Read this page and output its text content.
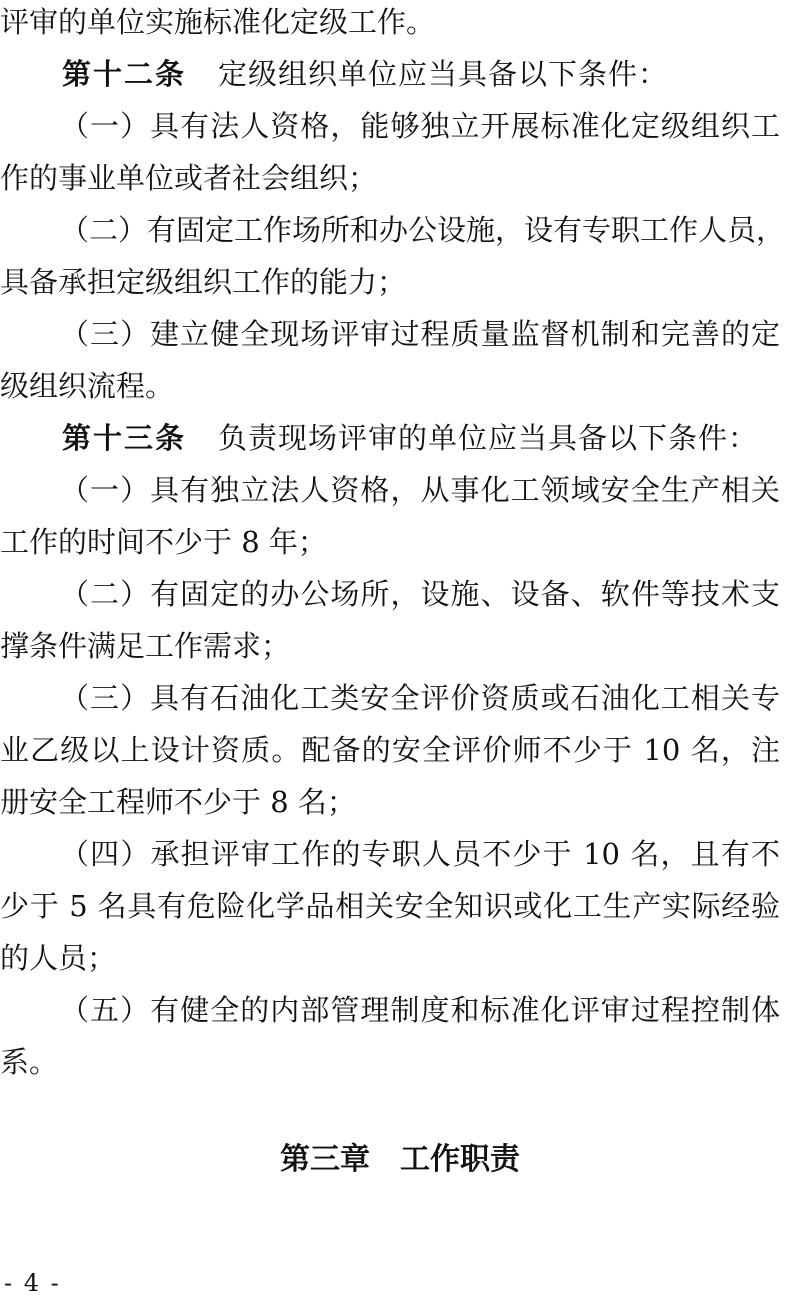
评审的单位实施标准化定级工作。
第十二条 定级组织单位应当具备以下条件：
（一）具有法人资格，能够独立开展标准化定级组织工
作的事业单位或者社会组织；
（二）有固定工作场所和办公设施，设有专职工作人员，
具备承担定级组织工作的能力；
（三）建立健全现场评审过程质量监督机制和完善的定
级组织流程。
第十三条 负责现场评审的单位应当具备以下条件：
（一）具有独立法人资格，从事化工领域安全生产相关
工作的时间不少于 8 年；
（二）有固定的办公场所，设施、设备、软件等技术支
撑条件满足工作需求；
（三）具有石油化工类安全评价资质或石油化工相关专
业乙级以上设计资质。配备的安全评价师不少于 10 名，注
册安全工程师不少于 8 名；
（四）承担评审工作的专职人员不少于 10 名，且有不
少于 5 名具有危险化学品相关安全知识或化工生产实际经验
的人员；
（五）有健全的内部管理制度和标准化评审过程控制体
系。
第三章 工作职责
- 4 -
